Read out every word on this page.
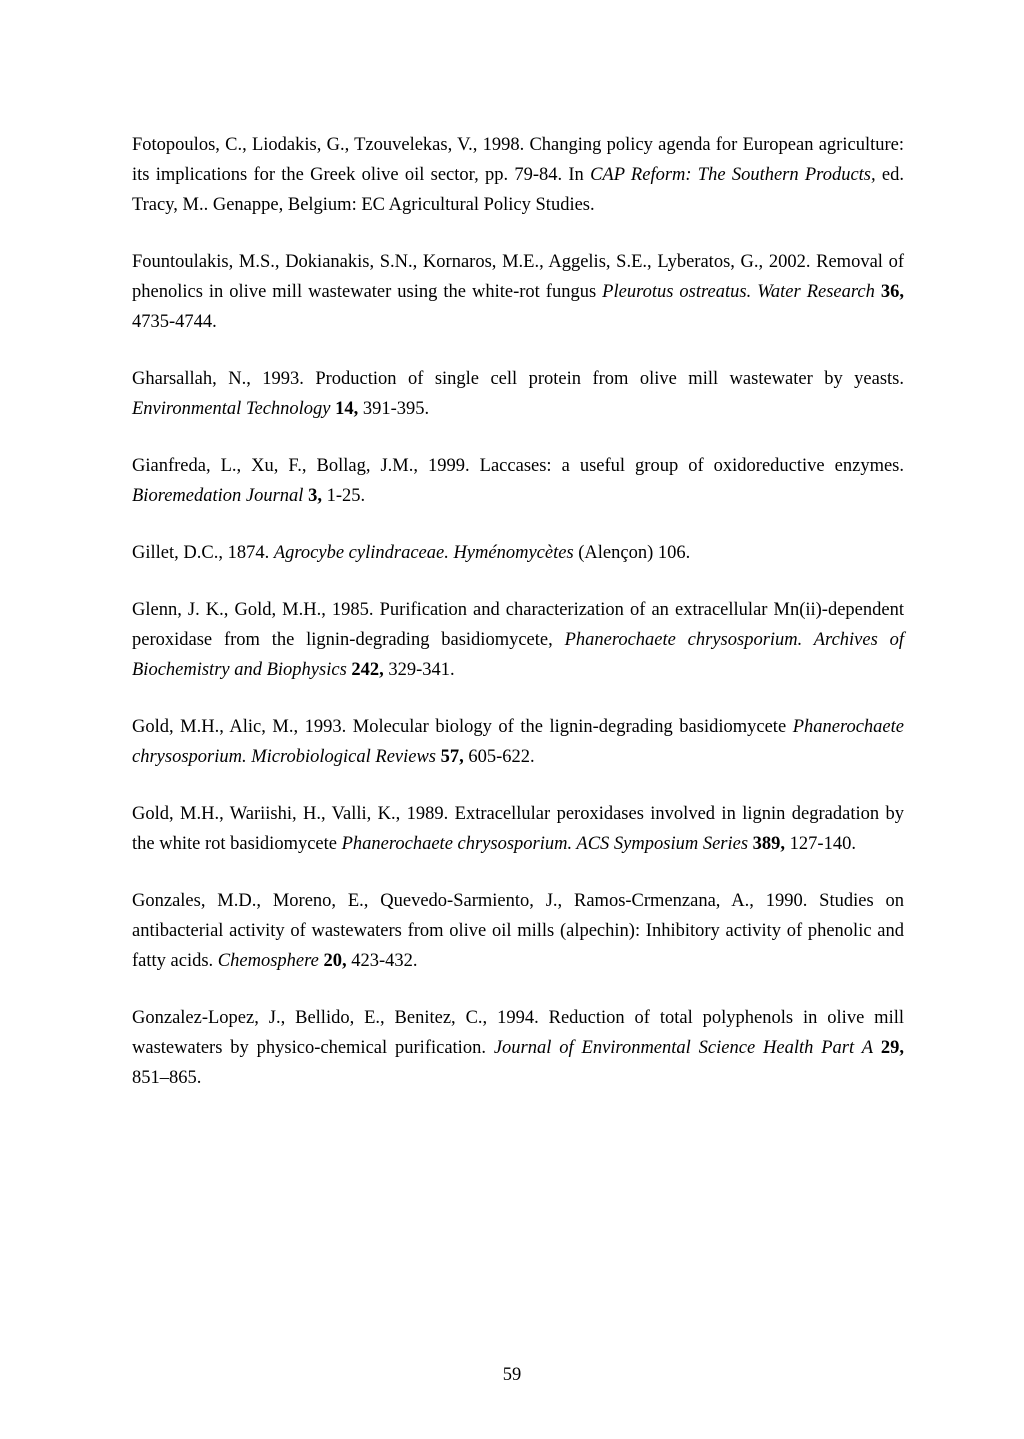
Fotopoulos, C., Liodakis, G., Tzouvelekas, V., 1998. Changing policy agenda for European agriculture: its implications for the Greek olive oil sector, pp. 79-84. In CAP Reform: The Southern Products, ed. Tracy, M.. Genappe, Belgium: EC Agricultural Policy Studies.

Fountoulakis, M.S., Dokianakis, S.N., Kornaros, M.E., Aggelis, S.E., Lyberatos, G., 2002. Removal of phenolics in olive mill wastewater using the white-rot fungus Pleurotus ostreatus. Water Research 36, 4735-4744.

Gharsallah, N., 1993. Production of single cell protein from olive mill wastewater by yeasts. Environmental Technology 14, 391-395.

Gianfreda, L., Xu, F., Bollag, J.M., 1999. Laccases: a useful group of oxidoreductive enzymes. Bioremedation Journal 3, 1-25.

Gillet, D.C., 1874. Agrocybe cylindraceae. Hyménomycètes (Alençon) 106.

Glenn, J. K., Gold, M.H., 1985. Purification and characterization of an extracellular Mn(ii)-dependent peroxidase from the lignin-degrading basidiomycete, Phanerochaete chrysosporium. Archives of Biochemistry and Biophysics 242, 329-341.

Gold, M.H., Alic, M., 1993. Molecular biology of the lignin-degrading basidiomycete Phanerochaete chrysosporium. Microbiological Reviews 57, 605-622.

Gold, M.H., Wariishi, H., Valli, K., 1989. Extracellular peroxidases involved in lignin degradation by the white rot basidiomycete Phanerochaete chrysosporium. ACS Symposium Series 389, 127-140.

Gonzales, M.D., Moreno, E., Quevedo-Sarmiento, J., Ramos-Crmenzana, A., 1990. Studies on antibacterial activity of wastewaters from olive oil mills (alpechin): Inhibitory activity of phenolic and fatty acids. Chemosphere 20, 423-432.

Gonzalez-Lopez, J., Bellido, E., Benitez, C., 1994. Reduction of total polyphenols in olive mill wastewaters by physico-chemical purification. Journal of Environmental Science Health Part A 29, 851–865.

59
